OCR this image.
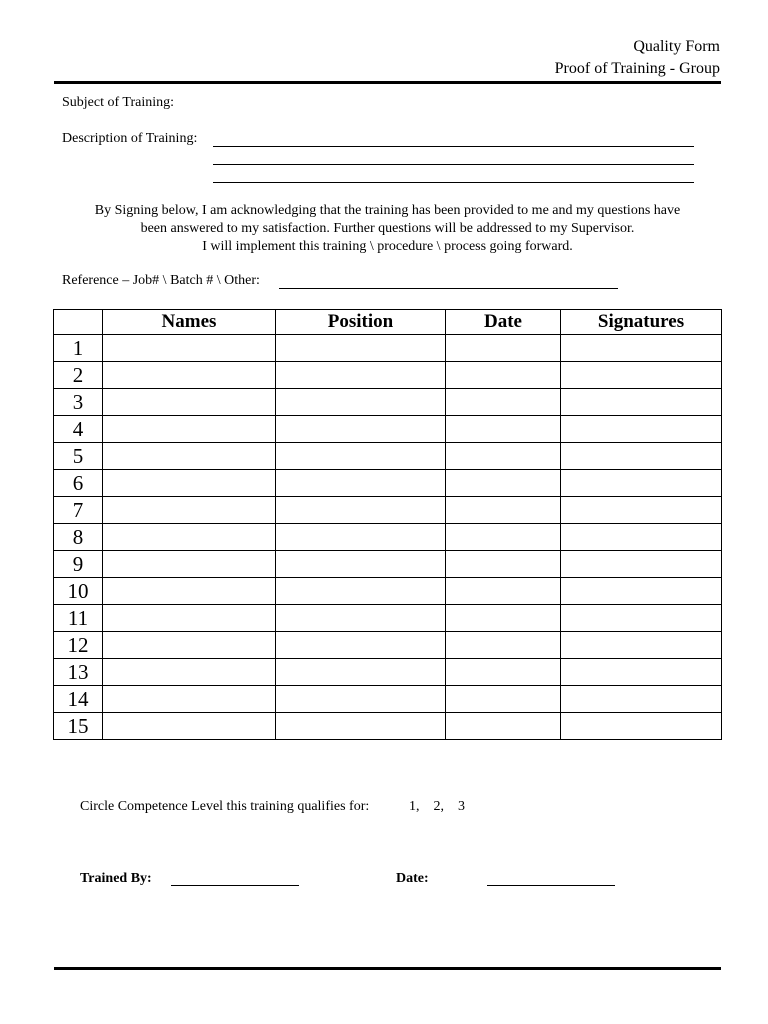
Quality Form
Proof of Training - Group
Subject of Training:
Description of Training:
By Signing below, I am acknowledging that the training has been provided to me and my questions have
been answered to my satisfaction. Further questions will be addressed to my Supervisor.
I will implement this training \ procedure \ process going forward.
Reference – Job# \ Batch # \ Other:
	Names	Position	Date	Signatures
1				
2				
3				
4				
5				
6				
7				
8				
9				
10				
11				
12				
13				
14				
15				
Circle Competence Level this training qualifies for:	1,    2,    3
Trained By:	Date:
